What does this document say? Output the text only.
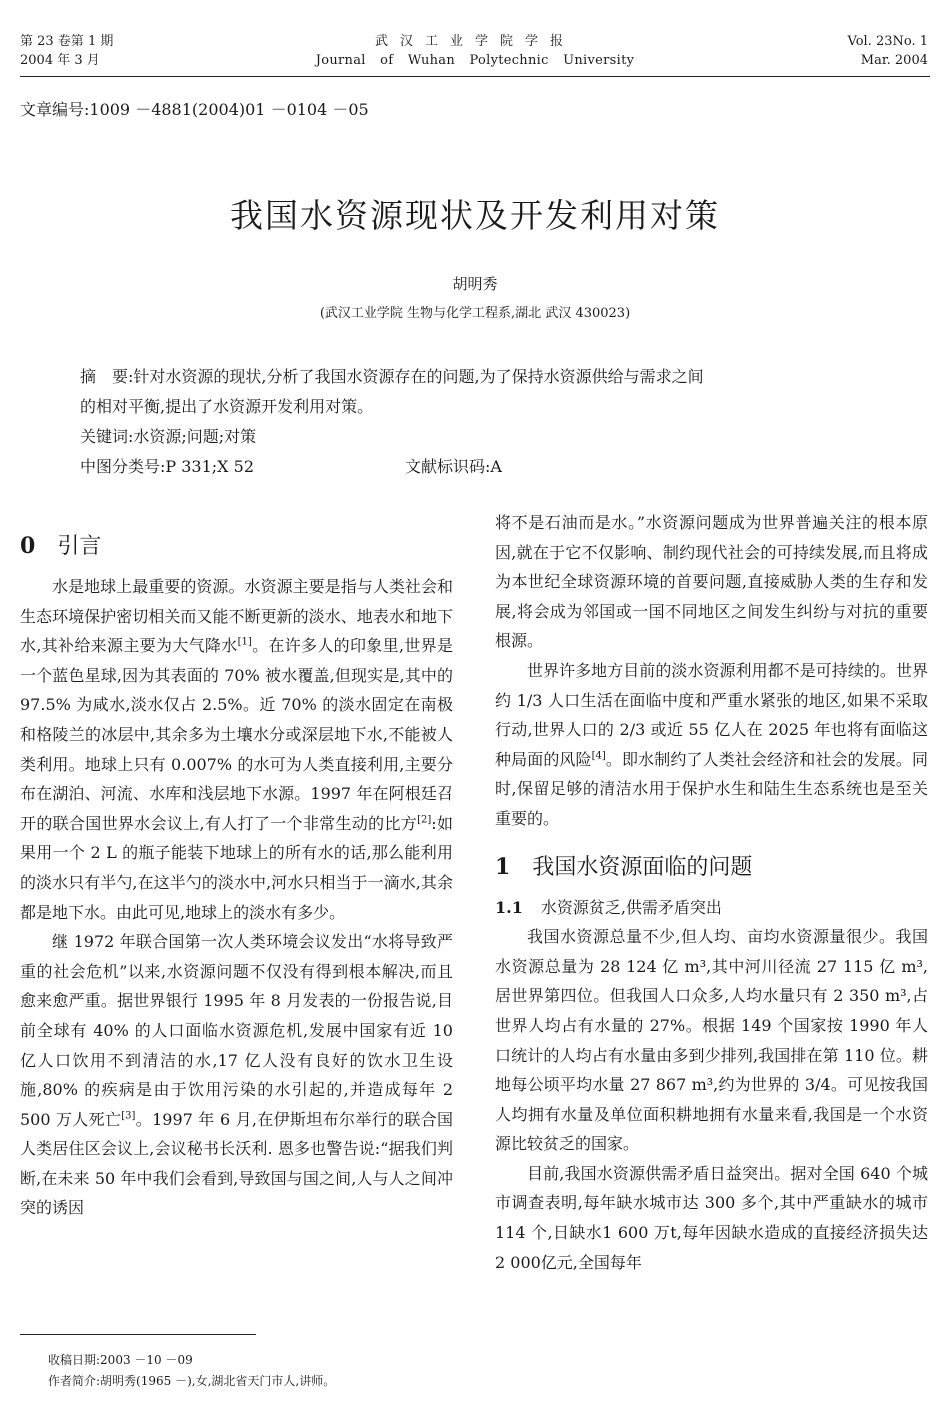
第 23 卷第 1 期
2004 年 3 月
武汉工业学院学报
Journal of Wuhan Polytechnic University
Vol. 23No. 1
Mar. 2004
文章编号:1009 －4881(2004)01 －0104 －05
我国水资源现状及开发利用对策
胡明秀
(武汉工业学院 生物与化学工程系,湖北 武汉 430023)

摘　要:针对水资源的现状,分析了我国水资源存在的问题,为了保持水资源供给与需求之间

的相对平衡,提出了水资源开发利用对策。

关键词:水资源;问题;对策

中图分类号:P 331;X 52	文献标识码:A

0 引言

水是地球上最重要的资源。水资源主要是指与人类社会和生态环境保护密切相关而又能不断更新的淡水、地表水和地下水,其补给来源主要为大气降水[1]。在许多人的印象里,世界是一个蓝色星球,因为其表面的 70% 被水覆盖,但现实是,其中的 97.5% 为咸水,淡水仅占 2.5%。近 70% 的淡水固定在南极和格陵兰的冰层中,其余多为土壤水分或深层地下水,不能被人类利用。地球上只有 0.007% 的水可为人类直接利用,主要分布在湖泊、河流、水库和浅层地下水源。1997 年在阿根廷召开的联合国世界水会议上,有人打了一个非常生动的比方[2]:如果用一个 2 L 的瓶子能装下地球上的所有水的话,那么能利用的淡水只有半勺,在这半勺的淡水中,河水只相当于一滴水,其余都是地下水。由此可见,地球上的淡水有多少。

继 1972 年联合国第一次人类环境会议发出“水将导致严重的社会危机”以来,水资源问题不仅没有得到根本解决,而且愈来愈严重。据世界银行 1995 年 8 月发表的一份报告说,目前全球有 40% 的人口面临水资源危机,发展中国家有近 10 亿人口饮用不到清洁的水,17 亿人没有良好的饮水卫生设施,80% 的疾病是由于饮用污染的水引起的,并造成每年 2 500 万人死亡[3]。1997 年 6 月,在伊斯坦布尔举行的联合国人类居住区会议上,会议秘书长沃利. 恩多也警告说:“据我们判断,在未来 50 年中我们会看到,导致国与国之间,人与人之间冲突的诱因

将不是石油而是水。”水资源问题成为世界普遍关注的根本原因,就在于它不仅影响、制约现代社会的可持续发展,而且将成为本世纪全球资源环境的首要问题,直接威胁人类的生存和发展,将会成为邻国或一国不同地区之间发生纠纷与对抗的重要根源。

世界许多地方目前的淡水资源利用都不是可持续的。世界约 1/3 人口生活在面临中度和严重水紧张的地区,如果不采取行动,世界人口的 2/3 或近 55 亿人在 2025 年也将有面临这种局面的风险[4]。即水制约了人类社会经济和社会的发展。同时,保留足够的清洁水用于保护水生和陆生生态系统也是至关重要的。

1 我国水资源面临的问题

1.1 水资源贫乏,供需矛盾突出

我国水资源总量不少,但人均、亩均水资源量很少。我国水资源总量为 28 124 亿 m³,其中河川径流 27 115 亿 m³,居世界第四位。但我国人口众多,人均水量只有 2 350 m³,占世界人均占有水量的 27%。根据 149 个国家按 1990 年人口统计的人均占有水量由多到少排列,我国排在第 110 位。耕地每公顷平均水量 27 867 m³,约为世界的 3/4。可见按我国人均拥有水量及单位面积耕地拥有水量来看,我国是一个水资源比较贫乏的国家。

目前,我国水资源供需矛盾日益突出。据对全国 640 个城市调查表明,每年缺水城市达 300 多个,其中严重缺水的城市 114 个,日缺水1 600 万t,每年因缺水造成的直接经济损失达2 000亿元,全国每年

收稿日期:2003 －10 －09
作者简介:胡明秀(1965 －),女,湖北省天门市人,讲师。
